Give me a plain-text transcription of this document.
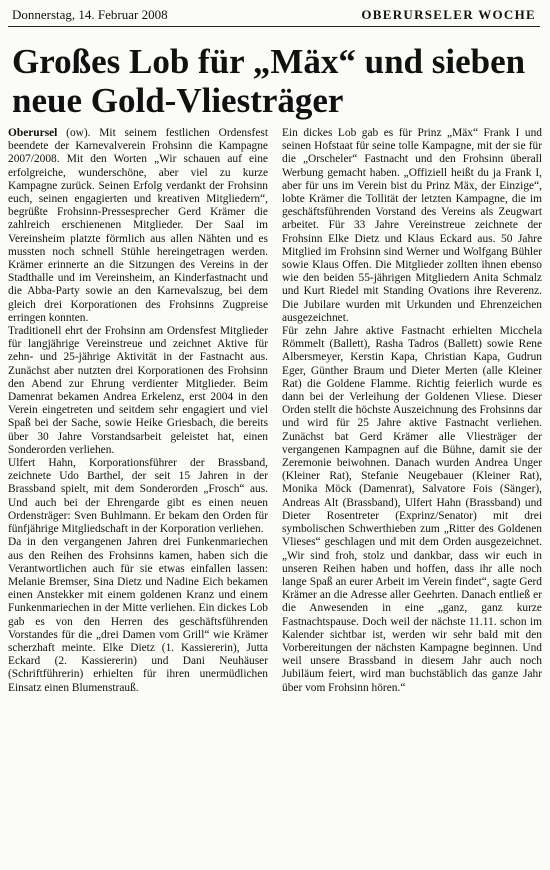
Donnerstag, 14. Februar 2008	OBERURSELER WOCHE
Großes Lob für „Mäx“ und sieben neue Gold-Vliesträger

Oberursel (ow). Mit seinem festlichen Ordensfest beendete der Karnevalverein Frohsinn die Kampagne 2007/2008. Mit den Worten „Wir schauen auf eine erfolgreiche, wunderschöne, aber viel zu kurze Kampagne zurück. Seinen Erfolg verdankt der Frohsinn euch, seinen engagierten und kreativen Mitgliedern“, begrüßte Frohsinn-Pressesprecher Gerd Krämer die zahlreich erschienenen Mitglieder. Der Saal im Vereinsheim platzte förmlich aus allen Nähten und es mussten noch schnell Stühle hereingetragen werden. Krämer erinnerte an die Sitzungen des Vereins in der Stadthalle und im Vereinsheim, an Kinderfastnacht und die Abba-Party sowie an den Karnevalszug, bei dem gleich drei Korporationen des Frohsinns Zugpreise erringen konnten.

Traditionell ehrt der Frohsinn am Ordensfest Mitglieder für langjährige Vereinstreue und zeichnet Aktive für zehn- und 25-jährige Aktivität in der Fastnacht aus. Zunächst aber nutzten drei Korporationen des Frohsinn den Abend zur Ehrung verdienter Mitglieder. Beim Damenrat bekamen Andrea Erkelenz, erst 2004 in den Verein eingetreten und seitdem sehr engagiert und viel Spaß bei der Sache, sowie Heike Griesbach, die bereits über 30 Jahre Vorstandsarbeit geleistet hat, einen Sonderorden verliehen.

Ulfert Hahn, Korporationsführer der Brassband, zeichnete Udo Barthel, der seit 15 Jahren in der Brassband spielt, mit dem Sonderorden „Frosch“ aus. Und auch bei der Ehrengarde gibt es einen neuen Ordensträger: Sven Buhlmann. Er bekam den Orden für fünfjährige Mitgliedschaft in der Korporation verliehen.

Da in den vergangenen Jahren drei Funkenmariechen aus den Reihen des Frohsinns kamen, haben sich die Verantwortlichen auch für sie etwas einfallen lassen: Melanie Bremser, Sina Dietz und Nadine Eich bekamen einen Anstekker mit einem goldenen Kranz und einem Funkenmariechen in der Mitte verliehen. Ein dickes Lob gab es von den Herren des geschäftsführenden Vorstandes für die „drei Damen vom Grill“ wie Krämer scherzhaft meinte. Elke Dietz (1. Kassiererin), Jutta Eckard (2. Kassiererin) und Dani Neuhäuser (Schriftführerin) erhielten für ihren unermüdlichen Einsatz einen Blumenstrauß.

Ein dickes Lob gab es für Prinz „Mäx“ Frank I und seinen Hofstaat für seine tolle Kampagne, mit der sie für die „Orscheler“ Fastnacht und den Frohsinn überall Werbung gemacht haben. „Offiziell heißt du ja Frank I, aber für uns im Verein bist du Prinz Mäx, der Einzige“, lobte Krämer die Tollität der letzten Kampagne, die im geschäftsführenden Vorstand des Vereins als Zeugwart arbeitet. Für 33 Jahre Vereinstreue zeichnete der Frohsinn Elke Dietz und Klaus Eckard aus. 50 Jahre Mitglied im Frohsinn sind Werner und Wolfgang Bühler sowie Klaus Offen. Die Mitglieder zollten ihnen ebenso wie den beiden 55-jährigen Mitgliedern Anita Schmalz und Kurt Riedel mit Standing Ovations ihre Reverenz. Die Jubilare wurden mit Urkunden und Ehrenzeichen ausgezeichnet.

Für zehn Jahre aktive Fastnacht erhielten Micchela Römmelt (Ballett), Rasha Tadros (Ballett) sowie Rene Albersmeyer, Kerstin Kapa, Christian Kapa, Gudrun Eger, Günther Braum und Dieter Merten (alle Kleiner Rat) die Goldene Flamme. Richtig feierlich wurde es dann bei der Verleihung der Goldenen Vliese. Dieser Orden stellt die höchste Auszeichnung des Frohsinns dar und wird für 25 Jahre aktive Fastnacht verliehen. Zunächst bat Gerd Krämer alle Vliesträger der vergangenen Kampagnen auf die Bühne, damit sie der Zeremonie beiwohnen. Danach wurden Andrea Unger (Kleiner Rat), Stefanie Neugebauer (Kleiner Rat), Monika Möck (Damenrat), Salvatore Fois (Sänger), Andreas Alt (Brassband), Ulfert Hahn (Brassband) und Dieter Rosentreter (Exprinz/Senator) mit drei symbolischen Schwerthieben zum „Ritter des Goldenen Vlieses“ geschlagen und mit dem Orden ausgezeichnet. „Wir sind froh, stolz und dankbar, dass wir euch in unseren Reihen haben und hoffen, dass ihr alle noch lange Spaß an eurer Arbeit im Verein findet“, sagte Gerd Krämer an die Adresse aller Geehrten. Danach entließ er die Anwesenden in eine „ganz, ganz kurze Fastnachtspause. Doch weil der nächste 11.11. schon im Kalender sichtbar ist, werden wir sehr bald mit den Vorbereitungen der nächsten Kampagne beginnen. Und weil unsere Brassband in diesem Jahr auch noch Jubiläum feiert, wird man buchstäblich das ganze Jahr über vom Frohsinn hören.“
